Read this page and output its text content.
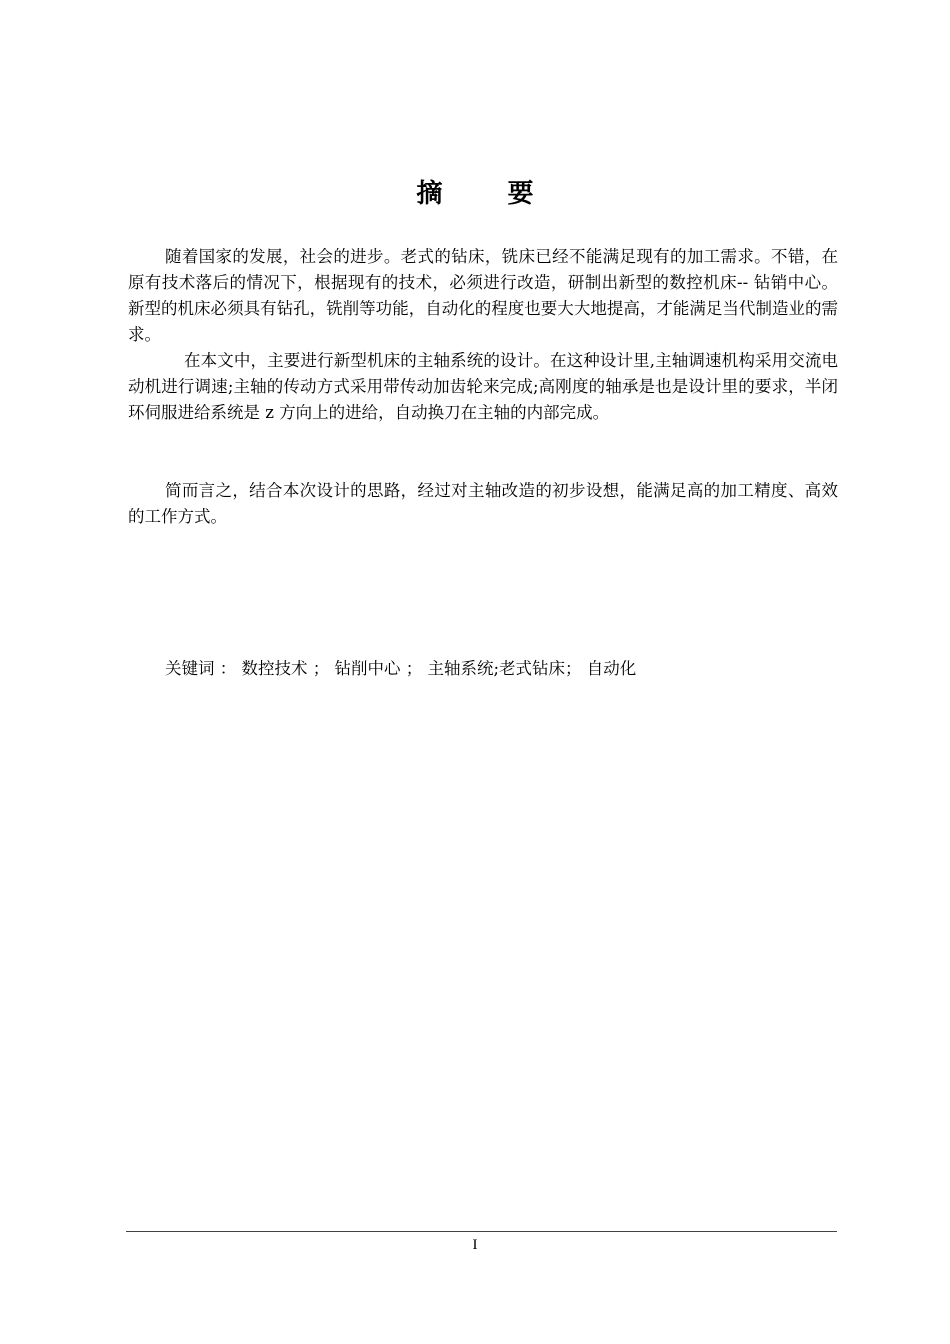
摘 要

随着国家的发展，社会的进步。老式的钻床，铣床已经不能满足现有的加工需求。不错，在原有技术落后的情况下，根据现有的技术，必须进行改造，研制出新型的数控机床-- 钻销中心。 新型的机床必须具有钻孔，铣削等功能，自动化的程度也要大大地提高，才能满足当代制造业的需求。

在本文中，主要进行新型机床的主轴系统的设计。在这种设计里,主轴调速机构采用交流电动机进行调速;主轴的传动方式采用带传动加齿轮来完成;高刚度的轴承是也是设计里的要求，半闭环伺服进给系统是 z 方向上的进给，自动换刀在主轴的内部完成。

简而言之，结合本次设计的思路，经过对主轴改造的初步设想，能满足高的加工精度、高效的工作方式。

关键词 ： 数控技术 ； 钻削中心 ； 主轴系统;老式钻床； 自动化
I
